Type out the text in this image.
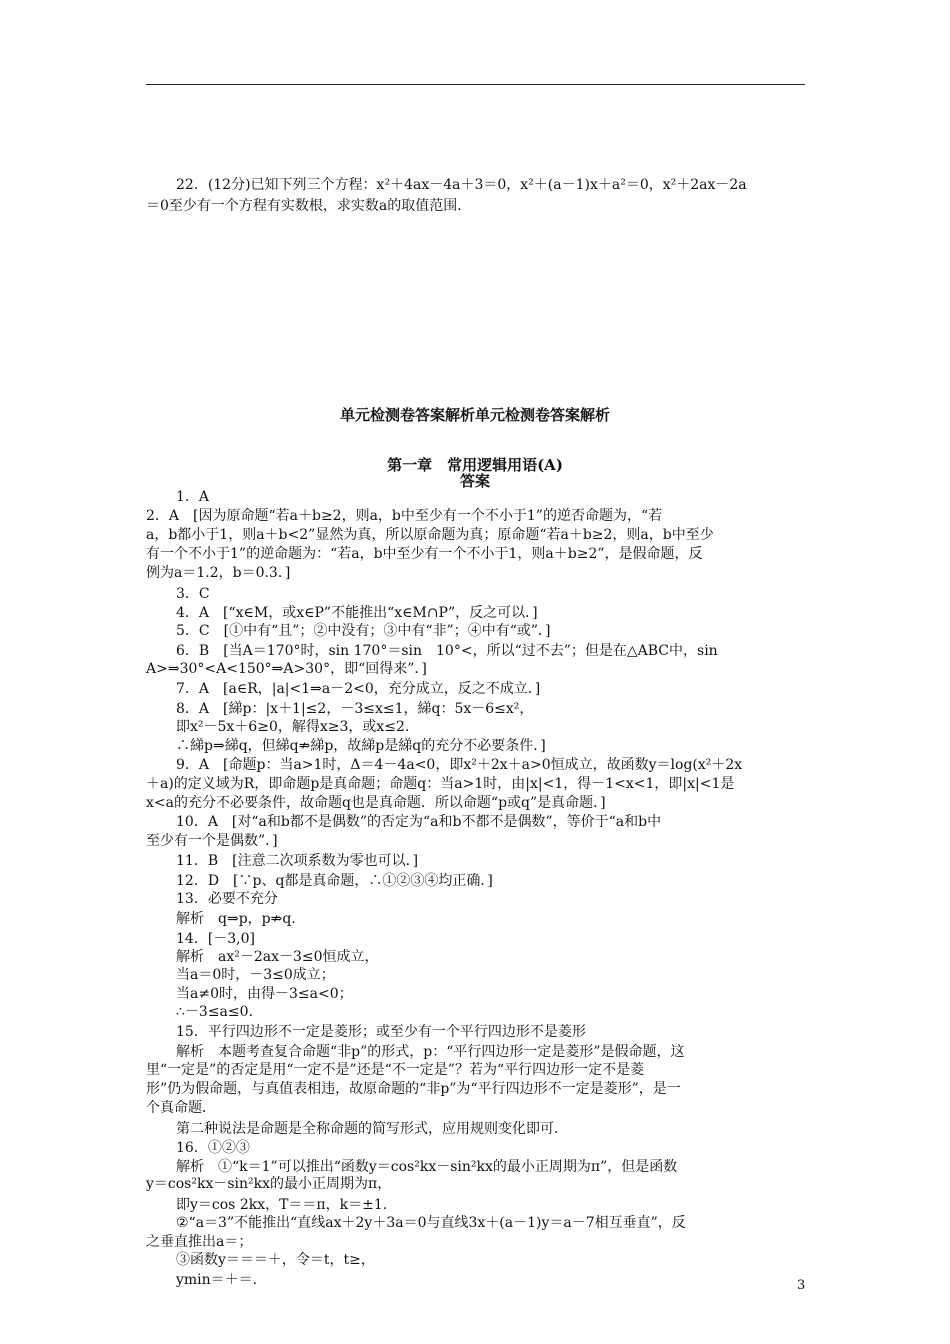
22．(12分)已知下列三个方程：x²＋4ax－4a＋3＝0，x²＋(a－1)x＋a²＝0，x²＋2ax－2a
＝0至少有一个方程有实数根，求实数a的取值范围．
单元检测卷答案解析单元检测卷答案解析
第一章　常用逻辑用语(A)
答案
1．A
2．A　[因为原命题“若a＋b≥2，则a，b中至少有一个不小于1”的逆否命题为，“若
a，b都小于1，则a＋b<2”显然为真，所以原命题为真；原命题“若a＋b≥2，则a，b中至少
有一个不小于1”的逆命题为：“若a，b中至少有一个不小于1，则a＋b≥2”，是假命题，反
例为a＝1.2，b＝0.3．]
3．C
4．A　[“x∈M，或x∈P”不能推出“x∈M∩P”，反之可以．]
5．C　[①中有“且”；②中没有；③中有“非”；④中有“或”．]
6．B　[当A＝170°时，sin 170°＝sin　10°<，所以“过不去”；但是在△ABC中，sin
A>⇒30°<A<150°⇒A>30°，即“回得来”．]
7．A　[a∈R，|a|<1⇒a－2<0，充分成立，反之不成立．]
8．A　[綈p：|x＋1|≤2，－3≤x≤1，綈q：5x－6≤x²，
即x²－5x＋6≥0，解得x≥3，或x≤2．
∴綈p⇒綈q，但綈q⇏綈p，故綈p是綈q的充分不必要条件．]
9．A　[命题p：当a>1时，Δ＝4－4a<0，即x²＋2x＋a>0恒成立，故函数y＝log(x²＋2x
＋a)的定义域为R，即命题p是真命题；命题q：当a>1时，由|x|<1，得－1<x<1，即|x|<1是
x<a的充分不必要条件，故命题q也是真命题．所以命题“p或q”是真命题．]
10．A　[对“a和b都不是偶数”的否定为“a和b不都不是偶数”，等价于“a和b中
至少有一个是偶数”．]
11．B　[注意二次项系数为零也可以．]
12．D　[∵p、q都是真命题，∴①②③④均正确．]
13．必要不充分
解析　q⇒p，p⇏q.
14．[－3,0]
解析　ax²－2ax－3≤0恒成立，
当a＝0时，－3≤0成立；
当a≠0时，由得－3≤a<0；
∴－3≤a≤0.
15．平行四边形不一定是菱形；或至少有一个平行四边形不是菱形
解析　本题考查复合命题“非p”的形式，p：“平行四边形一定是菱形”是假命题，这
里“一定是”的否定是用“一定不是”还是“不一定是”？若为“平行四边形一定不是菱
形”仍为假命题，与真值表相违，故原命题的“非p”为“平行四边形不一定是菱形”，是一
个真命题．
第二种说法是命题是全称命题的简写形式，应用规则变化即可．
16．①②③
解析　①“k＝1”可以推出“函数y＝cos²kx－sin²kx的最小正周期为π”，但是函数
y＝cos²kx－sin²kx的最小正周期为π，
即y＝cos 2kx，T＝＝π，k＝±1.
②“a＝3”不能推出“直线ax＋2y＋3a＝0与直线3x＋(a－1)y＝a－7相互垂直”，反
之垂直推出a＝；
③函数y＝＝＝＋，令＝t，t≥，
ymin＝＋＝.	3
